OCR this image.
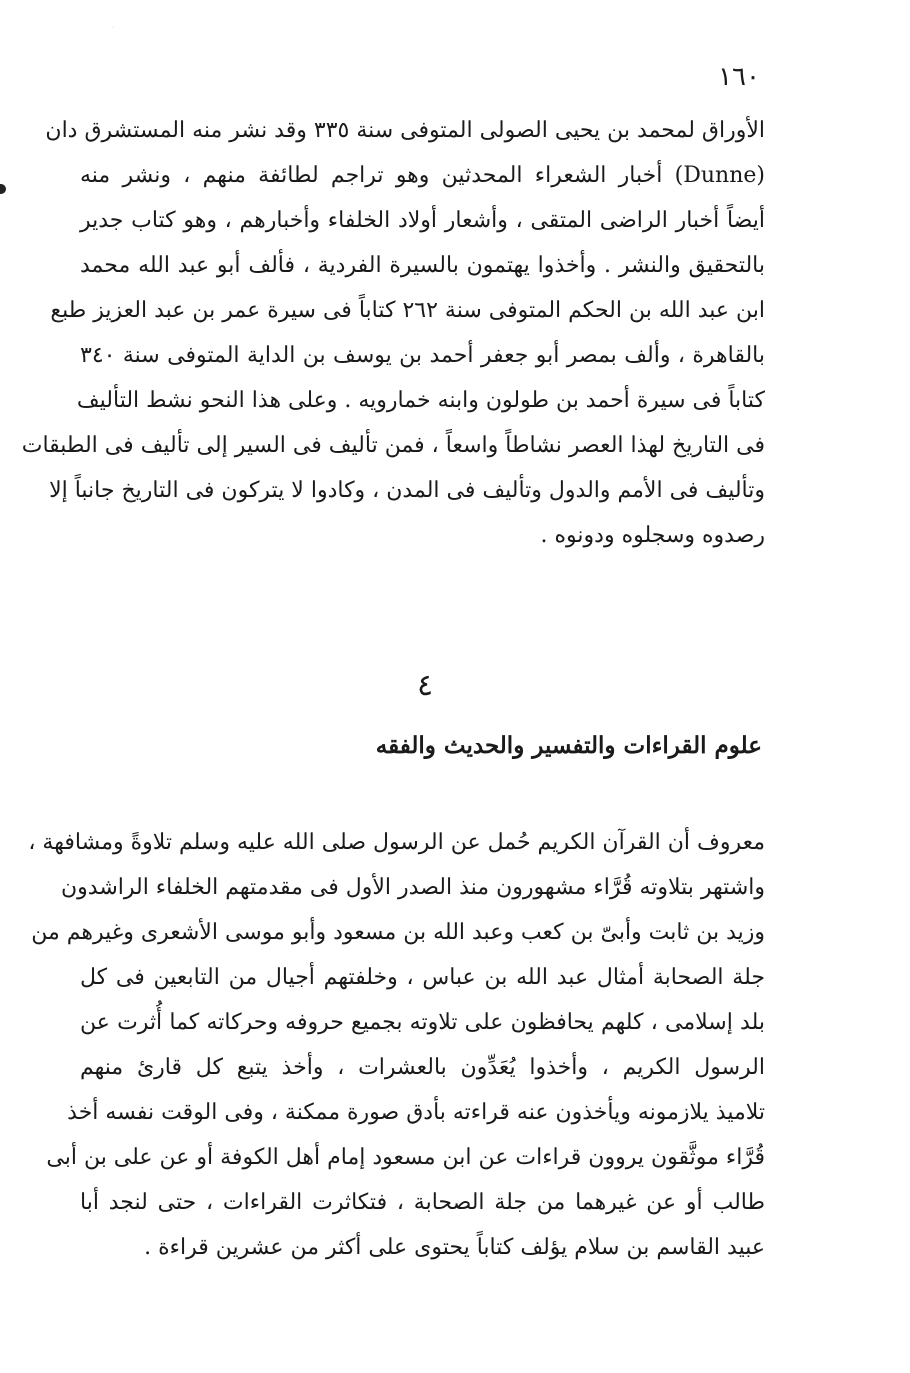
١٦٠

الأوراق لمحمد بن يحيى الصولى المتوفى سنة ٣٣٥ وقد نشر منه المستشرق دان
(Dunne) أخبار الشعراء المحدثين وهو تراجم لطائفة منهم ، ونشر منه
أيضاً أخبار الراضى المتقى ، وأشعار أولاد الخلفاء وأخبارهم ، وهو كتاب جدير
بالتحقيق والنشر . وأخذوا يهتمون بالسيرة الفردية ، فألف أبو عبد الله محمد
ابن عبد الله بن الحكم المتوفى سنة ٢٦٢ كتاباً فى سيرة عمر بن عبد العزيز طبع
بالقاهرة ، وألف بمصر أبو جعفر أحمد بن يوسف بن الداية المتوفى سنة ٣٤٠
كتاباً فى سيرة أحمد بن طولون وابنه خمارويه . وعلى هذا النحو نشط التأليف
فى التاريخ لهذا العصر نشاطاً واسعاً ، فمن تأليف فى السير إلى تأليف فى الطبقات
وتأليف فى الأمم والدول وتأليف فى المدن ، وكادوا لا يتركون فى التاريخ جانباً إلا
رصدوه وسجلوه ودونوه .

٤
علوم القراءات والتفسير والحديث والفقه

معروف أن القرآن الكريم حُمل عن الرسول صلى الله عليه وسلم تلاوةً ومشافهة ،
واشتهر بتلاوته قُرَّاء مشهورون منذ الصدر الأول فى مقدمتهم الخلفاء الراشدون
وزيد بن ثابت وأبىّ بن كعب وعبد الله بن مسعود وأبو موسى الأشعرى وغيرهم من
جلة الصحابة أمثال عبد الله بن عباس ، وخلفتهم أجيال من التابعين فى كل
بلد إسلامى ، كلهم يحافظون على تلاوته بجميع حروفه وحركاته كما أُثرت عن
الرسول الكريم ، وأخذوا يُعَدِّون بالعشرات ، وأخذ يتبع كل قارئ منهم
تلاميذ يلازمونه ويأخذون عنه قراءته بأدق صورة ممكنة ، وفى الوقت نفسه أخذ
قُرَّاء موثَّقون يروون قراءات عن ابن مسعود إمام أهل الكوفة أو عن على بن أبى
طالب أو عن غيرهما من جلة الصحابة ، فتكاثرت القراءات ، حتى لنجد أبا
عبيد القاسم بن سلام يؤلف كتاباً يحتوى على أكثر من عشرين قراءة .
